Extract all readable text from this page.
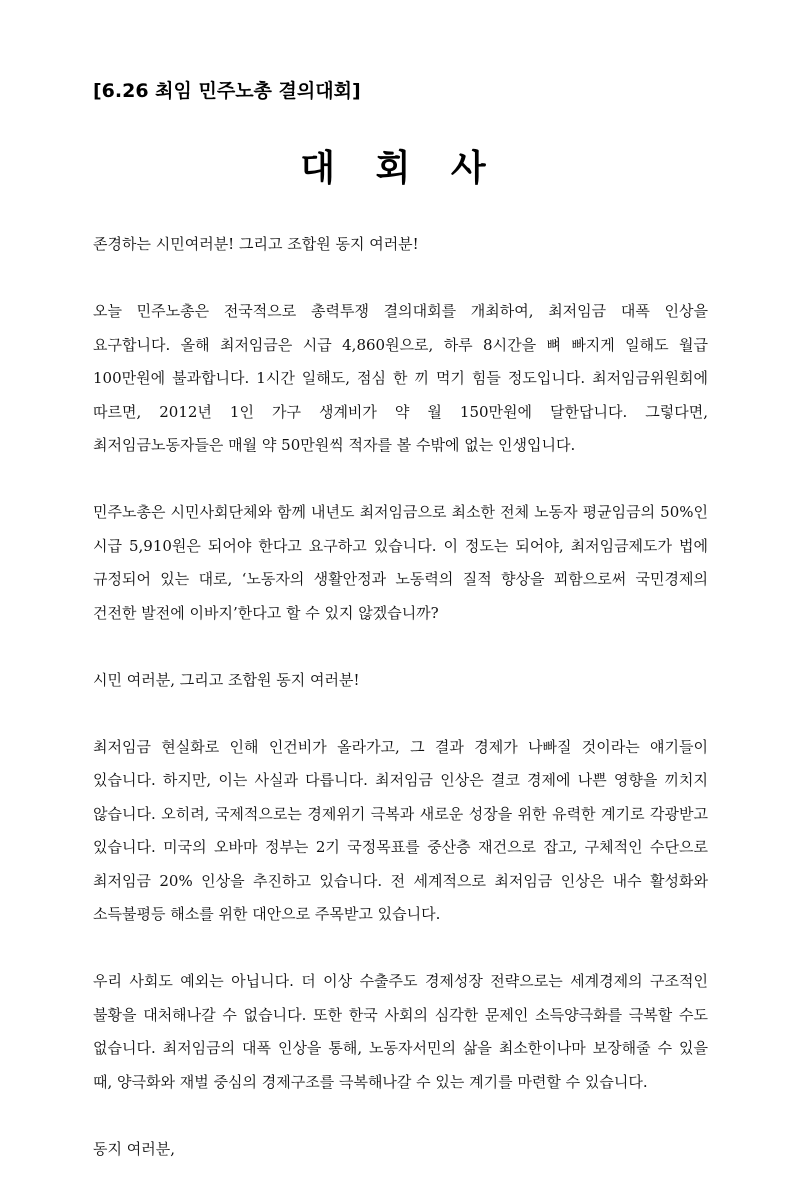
[6.26 최임 민주노총 결의대회]
대 회 사

존경하는 시민여러분! 그리고 조합원 동지 여러분!

오늘 민주노총은 전국적으로 총력투쟁 결의대회를 개최하여, 최저임금 대폭 인상을 요구합니다. 올해 최저임금은 시급 4,860원으로, 하루 8시간을 뼈 빠지게 일해도 월급 100만원에 불과합니다. 1시간 일해도, 점심 한 끼 먹기 힘들 정도입니다. 최저임금위원회에 따르면, 2012년 1인 가구 생계비가 약 월 150만원에 달한답니다. 그렇다면, 최저임금노동자들은 매월 약 50만원씩 적자를 볼 수밖에 없는 인생입니다.

민주노총은 시민사회단체와 함께 내년도 최저임금으로 최소한 전체 노동자 평균임금의 50%인 시급 5,910원은 되어야 한다고 요구하고 있습니다. 이 정도는 되어야, 최저임금제도가 법에 규정되어 있는 대로, ‘노동자의 생활안정과 노동력의 질적 향상을 꾀함으로써 국민경제의 건전한 발전에 이바지’한다고 할 수 있지 않겠습니까?

시민 여러분, 그리고 조합원 동지 여러분!

최저임금 현실화로 인해 인건비가 올라가고, 그 결과 경제가 나빠질 것이라는 얘기들이 있습니다. 하지만, 이는 사실과 다릅니다. 최저임금 인상은 결코 경제에 나쁜 영향을 끼치지 않습니다. 오히려, 국제적으로는 경제위기 극복과 새로운 성장을 위한 유력한 계기로 각광받고 있습니다. 미국의 오바마 정부는 2기 국정목표를 중산층 재건으로 잡고, 구체적인 수단으로 최저임금 20% 인상을 추진하고 있습니다. 전 세계적으로 최저임금 인상은 내수 활성화와 소득불평등 해소를 위한 대안으로 주목받고 있습니다.

우리 사회도 예외는 아닙니다. 더 이상 수출주도 경제성장 전략으로는 세계경제의 구조적인 불황을 대처해나갈 수 없습니다. 또한 한국 사회의 심각한 문제인 소득양극화를 극복할 수도 없습니다. 최저임금의 대폭 인상을 통해, 노동자서민의 삶을 최소한이나마 보장해줄 수 있을 때, 양극화와 재벌 중심의 경제구조를 극복해나갈 수 있는 계기를 마련할 수 있습니다.

동지 여러분,
